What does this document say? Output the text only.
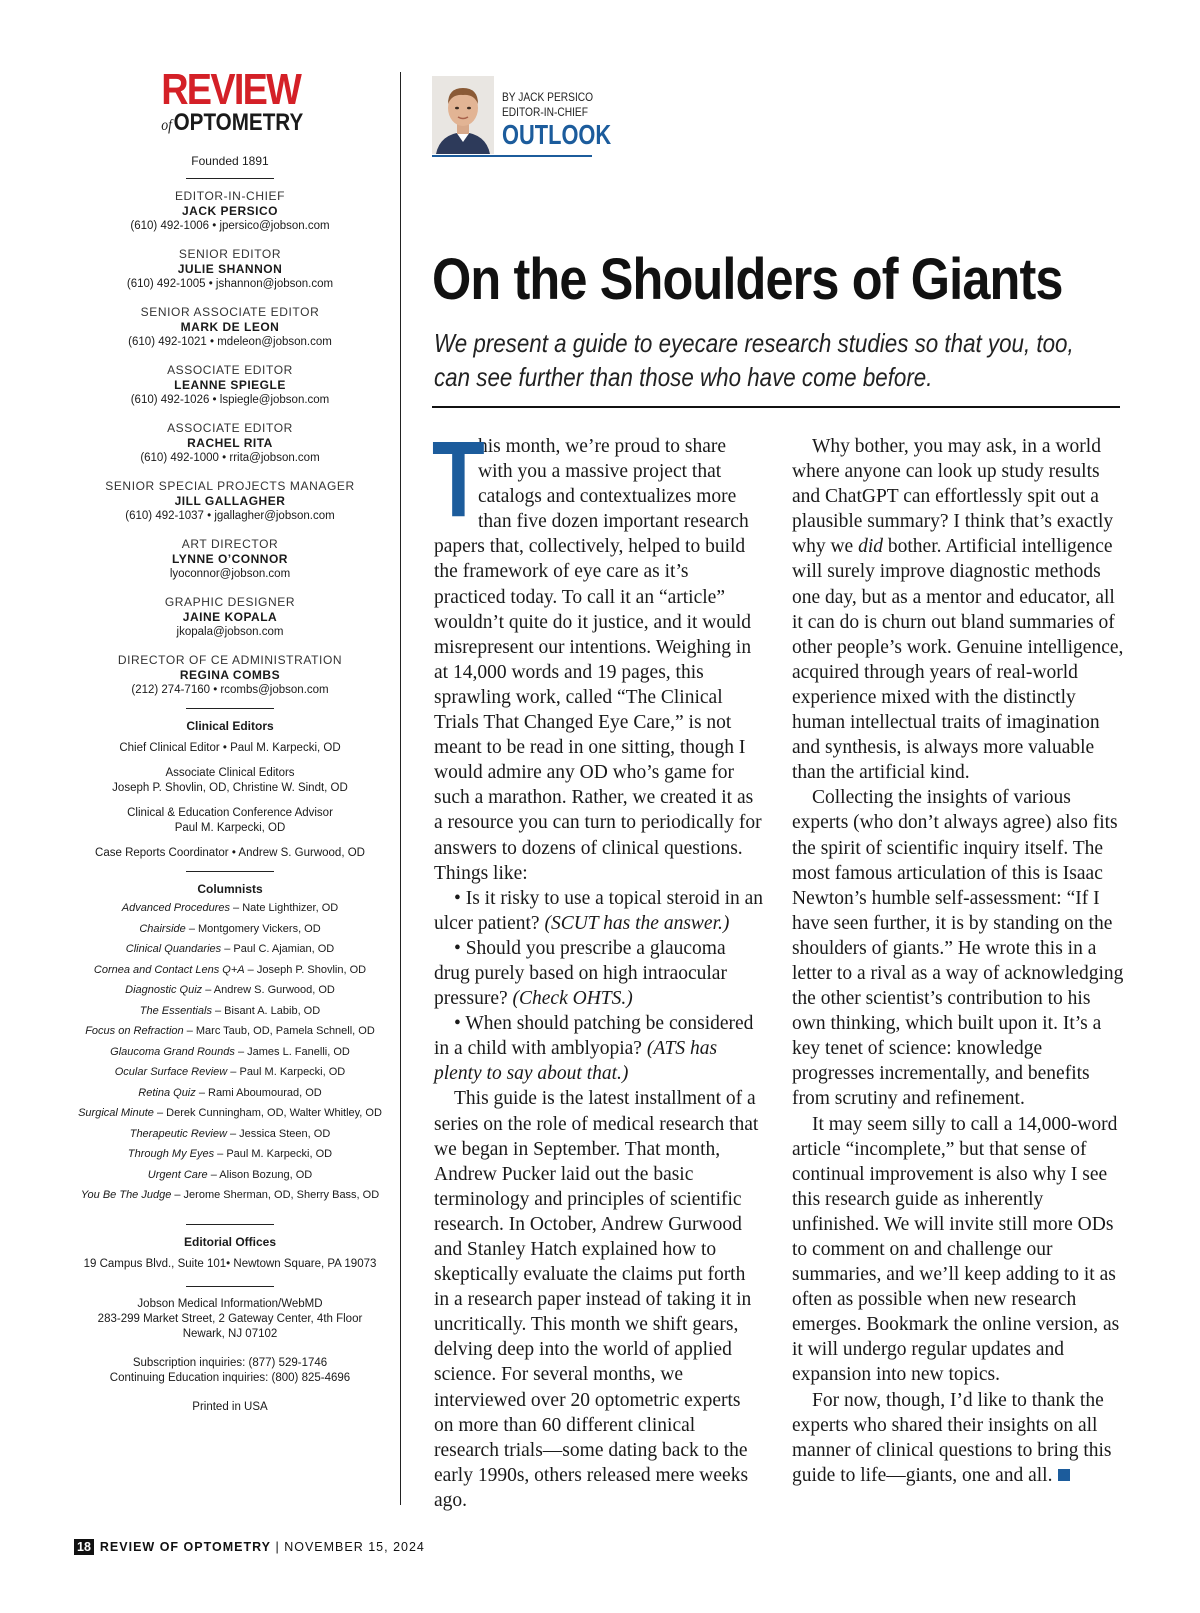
REVIEW
ofOPTOMETRY
Founded 1891
EDITOR-IN-CHIEF
JACK PERSICO
(610) 492-1006 • jpersico@jobson.com
SENIOR EDITOR
JULIE SHANNON
(610) 492-1005 • jshannon@jobson.com
SENIOR ASSOCIATE EDITOR
MARK DE LEON
(610) 492-1021 • mdeleon@jobson.com
ASSOCIATE EDITOR
LEANNE SPIEGLE
(610) 492-1026 • lspiegle@jobson.com
ASSOCIATE EDITOR
RACHEL RITA
(610) 492-1000 • rrita@jobson.com
SENIOR SPECIAL PROJECTS MANAGER
JILL GALLAGHER
(610) 492-1037 • jgallagher@jobson.com
ART DIRECTOR
LYNNE O’CONNOR
lyoconnor@jobson.com
GRAPHIC DESIGNER
JAINE KOPALA
jkopala@jobson.com
DIRECTOR OF CE ADMINISTRATION
REGINA COMBS
(212) 274-7160 • rcombs@jobson.com
Clinical Editors
Chief Clinical Editor • Paul M. Karpecki, OD
Associate Clinical Editors
Joseph P. Shovlin, OD, Christine W. Sindt, OD
Clinical & Education Conference Advisor
Paul M. Karpecki, OD
Case Reports Coordinator • Andrew S. Gurwood, OD
Columnists
Advanced Procedures – Nate Lighthizer, OD
Chairside – Montgomery Vickers, OD
Clinical Quandaries – Paul C. Ajamian, OD
Cornea and Contact Lens Q+A – Joseph P. Shovlin, OD
Diagnostic Quiz – Andrew S. Gurwood, OD
The Essentials – Bisant A. Labib, OD
Focus on Refraction – Marc Taub, OD, Pamela Schnell, OD
Glaucoma Grand Rounds – James L. Fanelli, OD
Ocular Surface Review – Paul M. Karpecki, OD
Retina Quiz – Rami Aboumourad, OD
Surgical Minute – Derek Cunningham, OD, Walter Whitley, OD
Therapeutic Review – Jessica Steen, OD
Through My Eyes – Paul M. Karpecki, OD
Urgent Care – Alison Bozung, OD
You Be The Judge – Jerome Sherman, OD, Sherry Bass, OD
Editorial Offices
19 Campus Blvd., Suite 101• Newtown Square, PA 19073
Jobson Medical Information/WebMD
283-299 Market Street, 2 Gateway Center, 4th Floor
Newark, NJ 07102
Subscription inquiries: (877) 529-1746
Continuing Education inquiries: (800) 825-4696
Printed in USA
BY JACK PERSICO
EDITOR-IN-CHIEF
OUTLOOK
On the Shoulders of Giants

We present a guide to eyecare research studies so that you, too, can see further than those who have come before.

T
his month, we’re proud to share with you a massive project that catalogs and contextualizes more than five dozen important research papers that, collectively, helped to build the framework of eye care as it’s practiced today. To call it an “article” wouldn’t quite do it justice, and it would misrepresent our intentions. Weighing in at 14,000 words and 19 pages, this sprawling work, called “The Clinical Trials That Changed Eye Care,” is not meant to be read in one sitting, though I would admire any OD who’s game for such a marathon. Rather, we created it as a resource you can turn to periodically for answers to dozens of clinical questions. Things like:

• Is it risky to use a topical steroid in an ulcer patient? (SCUT has the answer.)

• Should you prescribe a glaucoma drug purely based on high intraocular pressure? (Check OHTS.)

• When should patching be considered in a child with amblyopia? (ATS has plenty to say about that.)

This guide is the latest installment of a series on the role of medical research that we began in September. That month, Andrew Pucker laid out the basic terminology and principles of scientific research. In October, Andrew Gurwood and Stanley Hatch explained how to skeptically evaluate the claims put forth in a research paper instead of taking it in uncritically. This month we shift gears, delving deep into the world of applied science. For several months, we interviewed over 20 optometric experts on more than 60 different clinical research trials—some dating back to the early 1990s, others released mere weeks ago.

Why bother, you may ask, in a world where anyone can look up study results and ChatGPT can effortlessly spit out a plausible summary? I think that’s exactly why we did bother. Artificial intelligence will surely improve diagnostic methods one day, but as a mentor and educator, all it can do is churn out bland summaries of other people’s work. Genuine intelligence, acquired through years of real-world experience mixed with the distinctly human intellectual traits of imagination and synthesis, is always more valuable than the artificial kind.

Collecting the insights of various experts (who don’t always agree) also fits the spirit of scientific inquiry itself. The most famous articulation of this is Isaac Newton’s humble self-assessment: “If I have seen further, it is by standing on the shoulders of giants.” He wrote this in a letter to a rival as a way of acknowledging the other scientist’s contribution to his own thinking, which built upon it. It’s a key tenet of science: knowledge progresses incrementally, and benefits from scrutiny and refinement.

It may seem silly to call a 14,000-word article “incomplete,” but that sense of continual improvement is also why I see this research guide as inherently unfinished. We will invite still more ODs to comment on and challenge our summaries, and we’ll keep adding to it as often as possible when new research emerges. Bookmark the online version, as it will undergo regular updates and expansion into new topics.

For now, though, I’d like to thank the experts who shared their insights on all manner of clinical questions to bring this guide to life—giants, one and all.

18 REVIEW OF OPTOMETRY | NOVEMBER 15, 2024
